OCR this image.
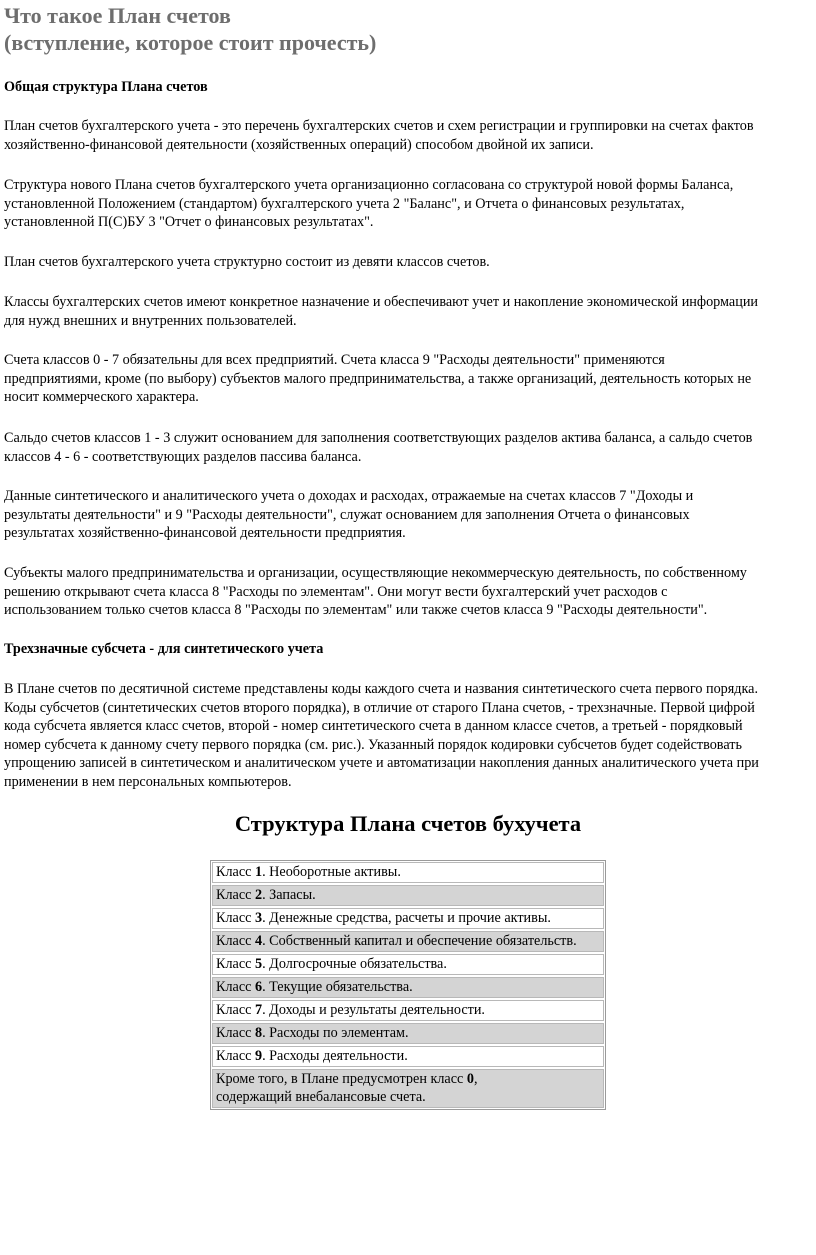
Что такое План счетов
(вступление, которое стоит прочесть)
Общая структура Плана счетов
План счетов бухгалтерского учета - это перечень бухгалтерских счетов и схем регистрации и группировки на счетах фактов
хозяйственно-финансовой деятельности (хозяйственных операций) способом двойной их записи.
Структура нового Плана счетов бухгалтерского учета организационно согласована со структурой новой формы Баланса,
установленной Положением (стандартом) бухгалтерского учета 2 "Баланс", и Отчета о финансовых результатах,
установленной П(С)БУ 3 "Отчет о финансовых результатах".
План счетов бухгалтерского учета структурно состоит из девяти классов счетов.
Классы бухгалтерских счетов имеют конкретное назначение и обеспечивают учет и накопление экономической информации
для нужд внешних и внутренних пользователей.
Счета классов 0 - 7 обязательны для всех предприятий. Счета класса 9 "Расходы деятельности" применяются
предприятиями, кроме (по выбору) субъектов малого предпринимательства, а также организаций, деятельность которых не
носит коммерческого характера.
Сальдо счетов классов 1 - 3 служит основанием для заполнения соответствующих разделов актива баланса, а сальдо счетов
классов 4 - 6 - соответствующих разделов пассива баланса.
Данные синтетического и аналитического учета о доходах и расходах, отражаемые на счетах классов 7 "Доходы и
результаты деятельности" и 9 "Расходы деятельности", служат основанием для заполнения Отчета о финансовых
результатах хозяйственно-финансовой деятельности предприятия.
Субъекты малого предпринимательства и организации, осуществляющие некоммерческую деятельность, по собственному
решению открывают счета класса 8 "Расходы по элементам". Они могут вести бухгалтерский учет расходов с
использованием только счетов класса 8 "Расходы по элементам" или также счетов класса 9 "Расходы деятельности".
Трехзначные субсчета - для синтетического учета
В Плане счетов по десятичной системе представлены коды каждого счета и названия синтетического счета первого порядка.
Коды субсчетов (синтетических счетов второго порядка), в отличие от старого Плана счетов, - трехзначные. Первой цифрой
кода субсчета является класс счетов, второй - номер синтетического счета в данном классе счетов, а третьей - порядковый
номер субсчета к данному счету первого порядка (см. рис.). Указанный порядок кодировки субсчетов будет содействовать
упрощению записей в синтетическом и аналитическом учете и автоматизации накопления данных аналитического учета при
применении в нем персональных компьютеров.
Структура Плана счетов бухучета
Класс 1. Необоротные активы.
Класс 2. Запасы.
Класс 3. Денежные средства, расчеты и прочие активы.
Класс 4. Собственный капитал и обеспечение обязательств.
Класс 5. Долгосрочные обязательства.
Класс 6. Текущие обязательства.
Класс 7. Доходы и результаты деятельности.
Класс 8. Расходы по элементам.
Класс 9. Расходы деятельности.
Кроме того, в Плане предусмотрен класс 0,
содержащий внебалансовые счета.
